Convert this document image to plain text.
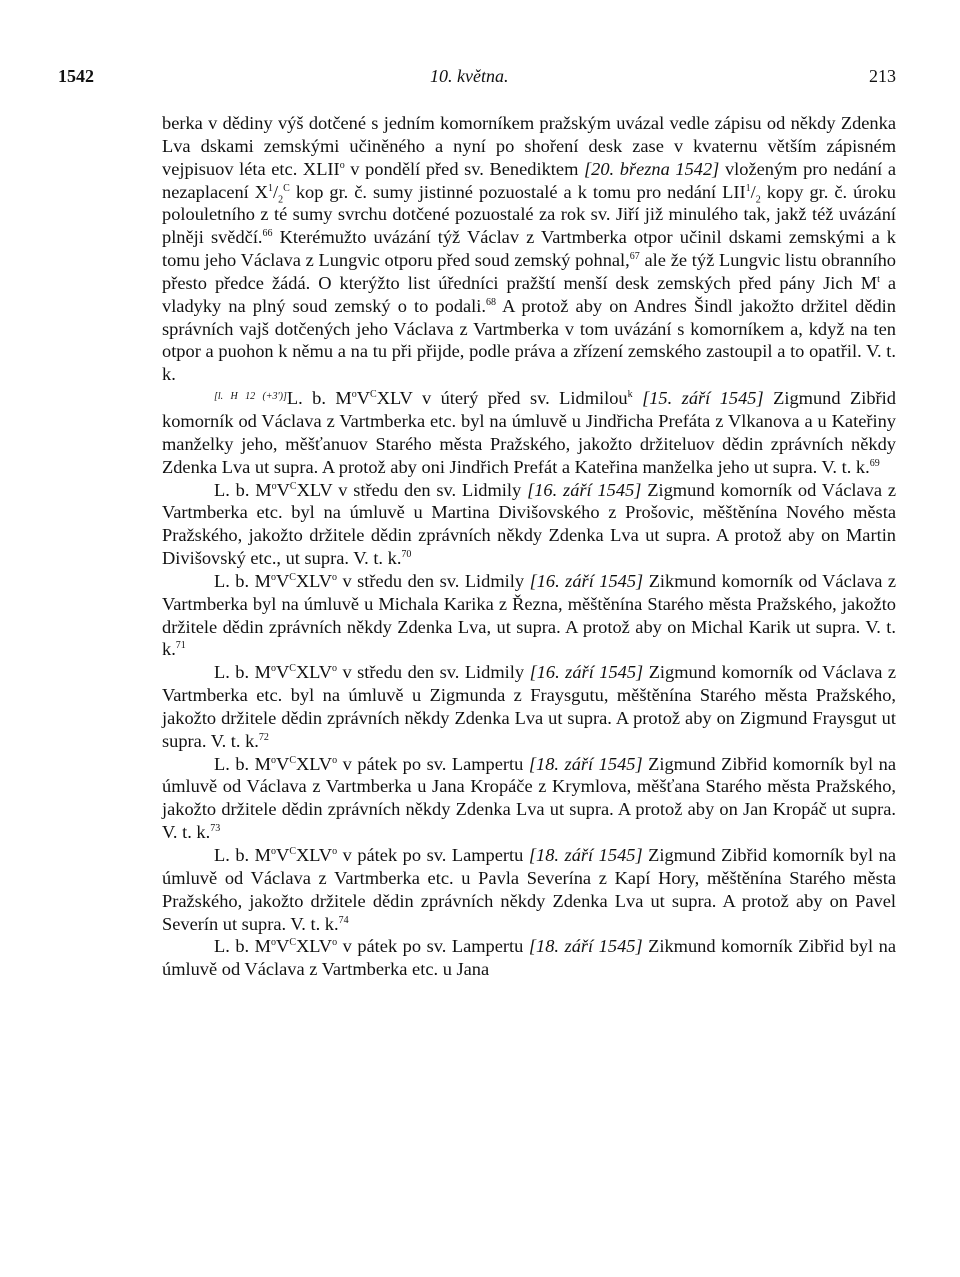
1542	10. května.	213

berka v dědiny výš dotčené s jedním komorníkem pražským uvázal vedle zápisu od někdy Zdenka Lva dskami zemskými učiněného a nyní po shoření desk zase v kvaternu větším zápisném vejpisuov léta etc. XLII$^o$ v pondělí před sv. Benediktem [20. března 1542] vloženým pro nedání a nezaplacení $X^1/_2^C$ kop gr. č. sumy jistinné pozuostalé a k tomu pro nedání $LII^1/_2$ kopy gr. č. úroku polouletního z té sumy svrchu dotčené pozuostalé za rok sv. Jiří již minulého tak, jakž též uvázání plněji svědčí.$^{66}$ Kterémužto uvázání týž Václav z Vartmberka otpor učinil dskami zemskými a k tomu jeho Václava z Lungvic otporu před soud zemský pohnal,$^{67}$ ale že týž Lungvic listu obranního přesto předce žádá. O kterýžto list úředníci pražští menší desk zemských před pány Jich $M^t$ a vladyky na plný soud zemský o to podali.$^{68}$ A protož aby on Andres Šindl jakožto držitel dědin správních vajš dotčených jeho Václava z Vartmberka v tom uvázání s komorníkem a, když na ten otpor a puohon k němu a na tu při přijde, podle práva a zřízení zemského zastoupil a to opatřil. V. t. k.

[l. H 12 (+3')]L. b. $M^oV^CXLV$ v úterý před sv. Lidmilou$^k$ [15. září 1545] Zigmund Zibřid komorník od Václava z Vartmberka etc. byl na úmluvě u Jindřicha Prefáta z Vlkanova a u Kateřiny manželky jeho, měšťanuov Starého města Pražského, jakožto držiteluov dědin zprávních někdy Zdenka Lva ut supra. A protož aby oni Jindřich Prefát a Kateřina manželka jeho ut supra. V. t. k.$^{69}$

L. b. $M^oV^CXLV$ v středu den sv. Lidmily [16. září 1545] Zigmund komorník od Václava z Vartmberka etc. byl na úmluvě u Martina Divišovského z Prošovic, měštěnína Nového města Pražského, jakožto držitele dědin zprávních někdy Zdenka Lva ut supra. A protož aby on Martin Divišovský etc., ut supra. V. t. k.$^{70}$

L. b. $M^oV^CXLV^o$ v středu den sv. Lidmily [16. září 1545] Zikmund komorník od Václava z Vartmberka byl na úmluvě u Michala Karika z Řezna, měštěnína Starého města Pražského, jakožto držitele dědin zprávních někdy Zdenka Lva, ut supra. A protož aby on Michal Karik ut supra. V. t. k.$^{71}$

L. b. $M^oV^CXLV^o$ v středu den sv. Lidmily [16. září 1545] Zigmund komorník od Václava z Vartmberka etc. byl na úmluvě u Zigmunda z Fraysgutu, měštěnína Starého města Pražského, jakožto držitele dědin zprávních někdy Zdenka Lva ut supra. A protož aby on Zigmund Fraysgut ut supra. V. t. k.$^{72}$

L. b. $M^oV^CXLV^o$ v pátek po sv. Lampertu [18. září 1545] Zigmund Zibřid komorník byl na úmluvě od Václava z Vartmberka u Jana Kropáče z Krymlova, měšťana Starého města Pražského, jakožto držitele dědin zprávních někdy Zdenka Lva ut supra. A protož aby on Jan Kropáč ut supra. V. t. k.$^{73}$

L. b. $M^oV^CXLV^o$ v pátek po sv. Lampertu [18. září 1545] Zigmund Zibřid komorník byl na úmluvě od Václava z Vartmberka etc. u Pavla Severína z Kapí Hory, měštěnína Starého města Pražského, jakožto držitele dědin zprávních někdy Zdenka Lva ut supra. A protož aby on Pavel Severín ut supra. V. t. k.$^{74}$

L. b. $M^oV^CXLV^o$ v pátek po sv. Lampertu [18. září 1545] Zikmund komorník Zibřid byl na úmluvě od Václava z Vartmberka etc. u Jana
